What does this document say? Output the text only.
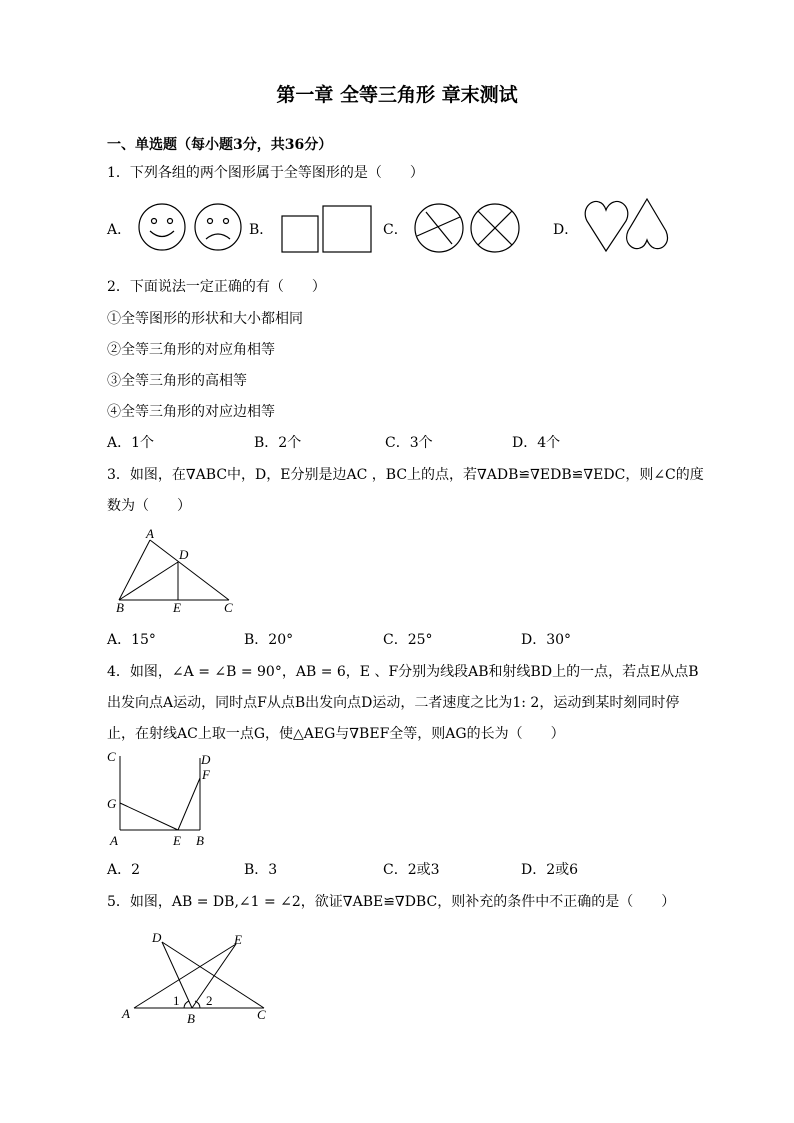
第一章 全等三角形 章末测试
一、单选题（每小题3分，共36分）
1．下列各组的两个图形属于全等图形的是（　　）
A．	B．	C．	D．
2．下面说法一定正确的有（　　）
①全等图形的形状和大小都相同
②全等三角形的对应角相等
③全等三角形的高相等
④全等三角形的对应边相等
A．1个	B．2个	C．3个	D．4个
3．如图，在∇ABC中，D，E分别是边AC ，BC上的点，若∇ADB≌∇EDB≌∇EDC，则∠C的度
数为（　　）
A
D
B	E	C
A．15°	B．20°	C．25°	D．30°
4．如图，∠A = ∠B = 90°，AB = 6，E 、F分别为线段AB和射线BD上的一点，若点E从点B
出发向点A运动，同时点F从点B出发向点D运动，二者速度之比为1: 2，运动到某时刻同时停
止，在射线AC上取一点G，使△AEG与∇BEF全等，则AG的长为（　　）
C	D
F
G
A	E B
A．2	B．3	C．2或3	D．2或6
5．如图，AB = DB,∠1 = ∠2，欲证∇ABE≌∇DBC，则补充的条件中不正确的是（　　）
D	E
1 2
A	B	C
